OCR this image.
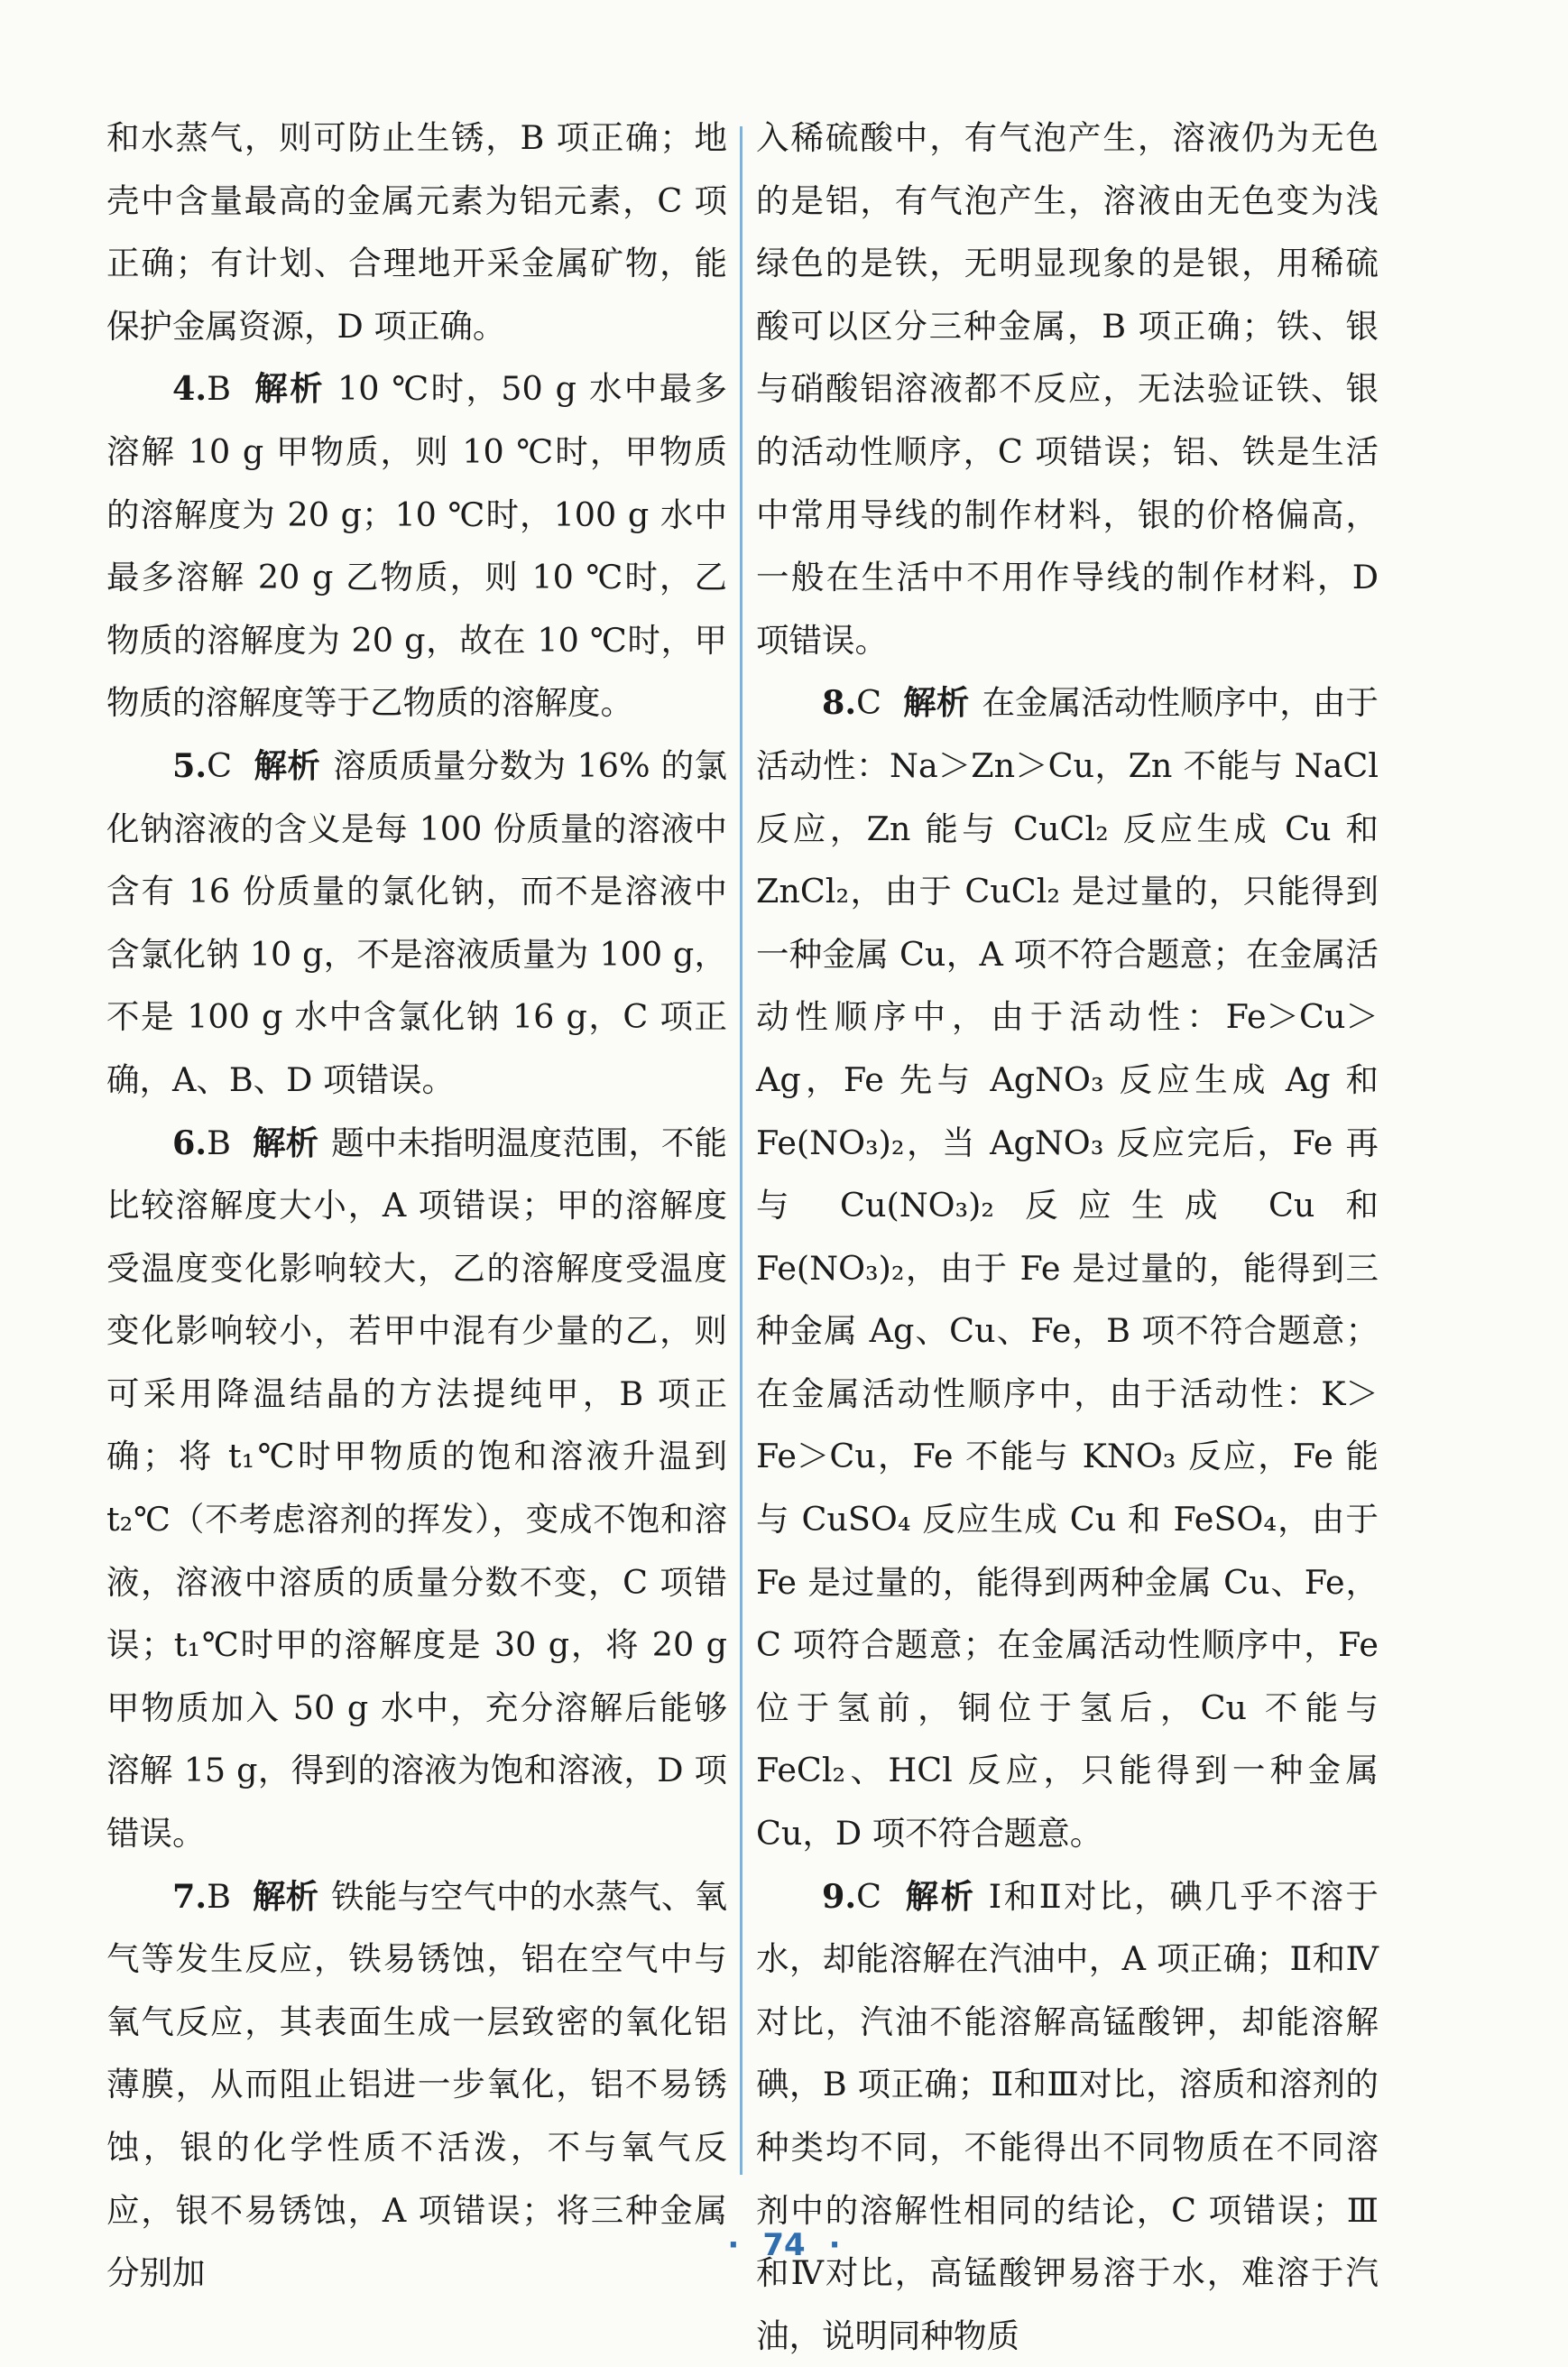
和水蒸气，则可防止生锈，B 项正确；地壳中含量最高的金属元素为铝元素，C 项正确；有计划、合理地开采金属矿物，能保护金属资源，D 项正确。

4.B 解析 10 ℃时，50 g 水中最多溶解 10 g 甲物质，则 10 ℃时，甲物质的溶解度为 20 g；10 ℃时，100 g 水中最多溶解 20 g 乙物质，则 10 ℃时，乙物质的溶解度为 20 g，故在 10 ℃时，甲物质的溶解度等于乙物质的溶解度。

5.C 解析 溶质质量分数为 16% 的氯化钠溶液的含义是每 100 份质量的溶液中含有 16 份质量的氯化钠，而不是溶液中含氯化钠 10 g，不是溶液质量为 100 g，不是 100 g 水中含氯化钠 16 g，C 项正确，A、B、D 项错误。

6.B 解析 题中未指明温度范围，不能比较溶解度大小，A 项错误；甲的溶解度受温度变化影响较大，乙的溶解度受温度变化影响较小，若甲中混有少量的乙，则可采用降温结晶的方法提纯甲，B 项正确；将 t₁℃时甲物质的饱和溶液升温到 t₂℃（不考虑溶剂的挥发），变成不饱和溶液，溶液中溶质的质量分数不变，C 项错误；t₁℃时甲的溶解度是 30 g，将 20 g 甲物质加入 50 g 水中，充分溶解后能够溶解 15 g，得到的溶液为饱和溶液，D 项错误。

7.B 解析 铁能与空气中的水蒸气、氧气等发生反应，铁易锈蚀，铝在空气中与氧气反应，其表面生成一层致密的氧化铝薄膜，从而阻止铝进一步氧化，铝不易锈蚀，银的化学性质不活泼，不与氧气反应，银不易锈蚀，A 项错误；将三种金属分别加

入稀硫酸中，有气泡产生，溶液仍为无色的是铝，有气泡产生，溶液由无色变为浅绿色的是铁，无明显现象的是银，用稀硫酸可以区分三种金属，B 项正确；铁、银与硝酸铝溶液都不反应，无法验证铁、银的活动性顺序，C 项错误；铝、铁是生活中常用导线的制作材料，银的价格偏高，一般在生活中不用作导线的制作材料，D 项错误。

8.C 解析 在金属活动性顺序中，由于活动性：Na＞Zn＞Cu，Zn 不能与 NaCl 反应，Zn 能与 CuCl₂ 反应生成 Cu 和 ZnCl₂，由于 CuCl₂ 是过量的，只能得到一种金属 Cu，A 项不符合题意；在金属活动性顺序中，由于活动性：Fe＞Cu＞Ag，Fe 先与 AgNO₃ 反应生成 Ag 和 Fe(NO₃)₂，当 AgNO₃ 反应完后，Fe 再与 Cu(NO₃)₂ 反应生成 Cu 和 Fe(NO₃)₂，由于 Fe 是过量的，能得到三种金属 Ag、Cu、Fe，B 项不符合题意；在金属活动性顺序中，由于活动性：K＞Fe＞Cu，Fe 不能与 KNO₃ 反应，Fe 能与 CuSO₄ 反应生成 Cu 和 FeSO₄，由于 Fe 是过量的，能得到两种金属 Cu、Fe，C 项符合题意；在金属活动性顺序中，Fe 位于氢前，铜位于氢后，Cu 不能与 FeCl₂、HCl 反应，只能得到一种金属 Cu，D 项不符合题意。

9.C 解析 Ⅰ和Ⅱ对比，碘几乎不溶于水，却能溶解在汽油中，A 项正确；Ⅱ和Ⅳ对比，汽油不能溶解高锰酸钾，却能溶解碘，B 项正确；Ⅱ和Ⅲ对比，溶质和溶剂的种类均不同，不能得出不同物质在不同溶剂中的溶解性相同的结论，C 项错误；Ⅲ和Ⅳ对比，高锰酸钾易溶于水，难溶于汽油，说明同种物质

· 74 ·
